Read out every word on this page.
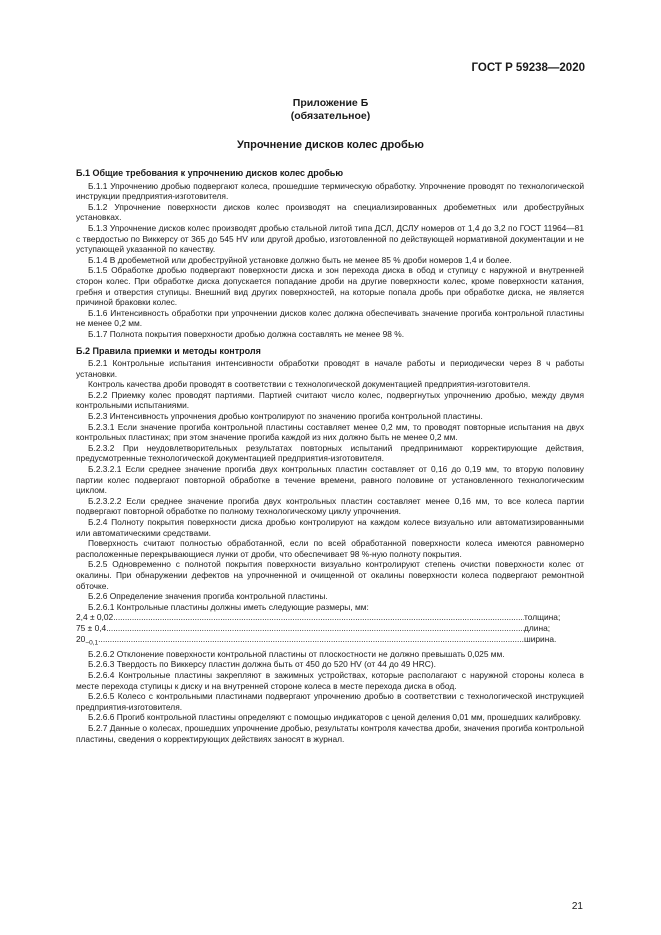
ГОСТ Р 59238—2020
Приложение Б
(обязательное)
Упрочнение дисков колес дробью
Б.1 Общие требования к упрочнению дисков колес дробью

Б.1.1 Упрочнению дробью подвергают колеса, прошедшие термическую обработку. Упрочнение проводят по технологической инструкции предприятия-изготовителя.

Б.1.2 Упрочнение поверхности дисков колес производят на специализированных дробеметных или дробеструйных установках.

Б.1.3 Упрочнение дисков колес производят дробью стальной литой типа ДСЛ, ДСЛУ номеров от 1,4 до 3,2 по ГОСТ 11964—81 с твердостью по Виккерсу от 365 до 545 HV или другой дробью, изготовленной по действующей нормативной документации и не уступающей указанной по качеству.

Б.1.4 В дробеметной или дробеструйной установке должно быть не менее 85 % дроби номеров 1,4 и более.

Б.1.5 Обработке дробью подвергают поверхности диска и зон перехода диска в обод и ступицу с наружной и внутренней сторон колес. При обработке диска допускается попадание дроби на другие поверхности колес, кроме поверхности катания, гребня и отверстия ступицы. Внешний вид других поверхностей, на которые попала дробь при обработке диска, не является причиной браковки колес.

Б.1.6 Интенсивность обработки при упрочнении дисков колес должна обеспечивать значение прогиба контрольной пластины не менее 0,2 мм.

Б.1.7 Полнота покрытия поверхности дробью должна составлять не менее 98 %.

Б.2 Правила приемки и методы контроля

Б.2.1 Контрольные испытания интенсивности обработки проводят в начале работы и периодически через 8 ч работы установки.

Контроль качества дроби проводят в соответствии с технологической документацией предприятия-изготовителя.

Б.2.2 Приемку колес проводят партиями. Партией считают число колес, подвергнутых упрочнению дробью, между двумя контрольными испытаниями.

Б.2.3 Интенсивность упрочнения дробью контролируют по значению прогиба контрольной пластины.

Б.2.3.1 Если значение прогиба контрольной пластины составляет менее 0,2 мм, то проводят повторные испытания на двух контрольных пластинах; при этом значение прогиба каждой из них должно быть не менее 0,2 мм.

Б.2.3.2 При неудовлетворительных результатах повторных испытаний предпринимают корректирующие действия, предусмотренные технологической документацией предприятия-изготовителя.

Б.2.3.2.1 Если среднее значение прогиба двух контрольных пластин составляет от 0,16 до 0,19 мм, то вторую половину партии колес подвергают повторной обработке в течение времени, равного половине от установленного технологическим циклом.

Б.2.3.2.2 Если среднее значение прогиба двух контрольных пластин составляет менее 0,16 мм, то все колеса партии подвергают повторной обработке по полному технологическому циклу упрочнения.

Б.2.4 Полноту покрытия поверхности диска дробью контролируют на каждом колесе визуально или автоматизированными или автоматическими средствами.

Поверхность считают полностью обработанной, если по всей обработанной поверхности колеса имеются равномерно расположенные перекрывающиеся лунки от дроби, что обеспечивает 98 %-ную полноту покрытия.

Б.2.5 Одновременно с полнотой покрытия поверхности визуально контролируют степень очистки поверхности колес от окалины. При обнаружении дефектов на упрочненной и очищенной от окалины поверхности колеса подвергают ремонтной обточке.

Б.2.6 Определение значения прогиба контрольной пластины.

Б.2.6.1 Контрольные пластины должны иметь следующие размеры, мм:

2,4 ± 0,02 .....	толщина;
75 ± 0,4 .....	длина;
$20_{-0,1}$ .....	ширина.

Б.2.6.2 Отклонение поверхности контрольной пластины от плоскостности не должно превышать 0,025 мм.

Б.2.6.3 Твердость по Виккерсу пластин должна быть от 450 до 520 HV (от 44 до 49 HRC).

Б.2.6.4 Контрольные пластины закрепляют в зажимных устройствах, которые располагают с наружной стороны колеса в месте перехода ступицы к диску и на внутренней стороне колеса в месте перехода диска в обод.

Б.2.6.5 Колесо с контрольными пластинами подвергают упрочнению дробью в соответствии с технологической инструкцией предприятия-изготовителя.

Б.2.6.6 Прогиб контрольной пластины определяют с помощью индикаторов с ценой деления 0,01 мм, прошедших калибровку.

Б.2.7 Данные о колесах, прошедших упрочнение дробью, результаты контроля качества дроби, значения прогиба контрольной пластины, сведения о корректирующих действиях заносят в журнал.

21
